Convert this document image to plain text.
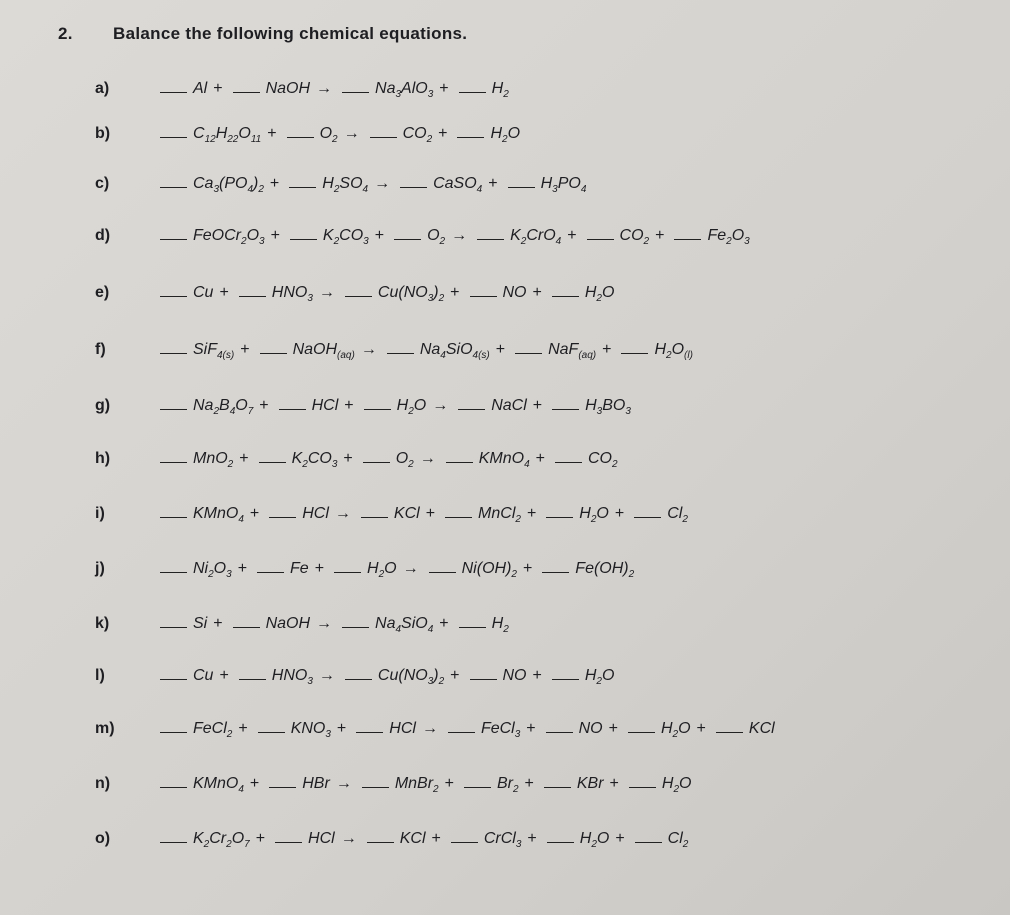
2. Balance the following chemical equations.
a)	Al +	NaOH →	$Na_3AlO_3$ +	$H_2$
b)	$C_{12}H_{22}O_{11}$ +	$O_2$ →	$CO_2$ +	$H_2O$
c)	$Ca_3(PO_4)_2$ +	$H_2SO_4$ →	CaSO$_4$ +	$H_3PO_4$
d)	$FeOCr_2O_3$ +	$K_2CO_3$ +	$O_2$ →	$K_2CrO_4$ +	$CO_2$ +	$Fe_2O_3$
e)	Cu +	$HNO_3$ →	$Cu(NO_3)_2$ +	NO +	$H_2O$
f)	SiF$_{4(s)}$ +	NaOH$_{(aq)}$ →	$Na_4SiO_{4(s)}$ +	NaF$_{(aq)}$ +	$H_2O_{(l)}$
g)	$Na_2B_4O_7$ +	HCl +	$H_2O$ →	NaCl +	$H_3BO_3$
h)	MnO$_2$ +	$K_2CO_3$ +	$O_2$ →	KMnO$_4$ +	$CO_2$
i)	KMnO$_4$ +	HCl →	KCl +	MnCl$_2$ +	$H_2O$ +	$Cl_2$
j)	$Ni_2O_3$ +	Fe +	$H_2O$ →	$Ni(OH)_2$ +	$Fe(OH)_2$
k)	Si +	NaOH →	$Na_4SiO_4$ +	$H_2$
l)	Cu +	$HNO_3$ →	$Cu(NO_3)_2$ +	NO +	$H_2O$
m)	FeCl$_2$ +	$KNO_3$ +	HCl →	FeCl$_3$ +	NO +	$H_2O$ +	KCl
n)	KMnO$_4$ +	HBr →	MnBr$_2$ +	$Br_2$ +	KBr +	$H_2O$
o)	$K_2Cr_2O_7$ +	HCl →	KCl +	CrCl$_3$ +	$H_2O$ +	$Cl_2$
